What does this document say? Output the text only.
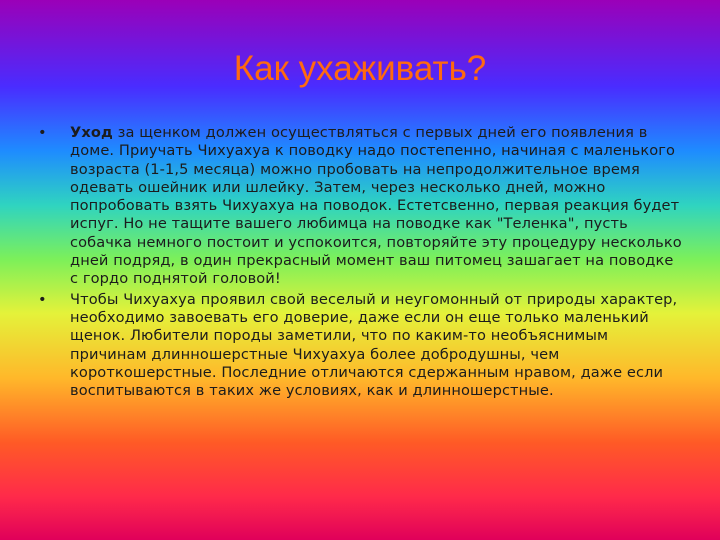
Как ухаживать?
•	Уход за щенком должен осуществляться с первых дней его появления в доме. Приучать Чихуахуа к поводку надо постепенно, начиная с маленького возраста (1-1,5 месяца) можно пробовать на непродолжительное время одевать ошейник или шлейку. Затем, через несколько дней, можно попробовать взять Чихуахуа на поводок. Естетсвенно, первая реакция будет испуг. Но не тащите вашего любимца на поводке как "Теленка", пусть собачка немного постоит и успокоится, повторяйте эту процедуру несколько дней подряд, в один прекрасный момент ваш питомец зашагает на поводке с гордо поднятой головой!
•	Чтобы Чихуахуа проявил свой веселый и неугомонный от природы характер, необходимо завоевать его доверие, даже если он еще только маленький щенок. Любители породы заметили, что по каким-то необъяснимым причинам длинношерстные Чихуахуа более добродушны, чем короткошерстные. Последние отличаются сдержанным нравом, даже если воспитываются в таких же условиях, как и длинношерстные.
